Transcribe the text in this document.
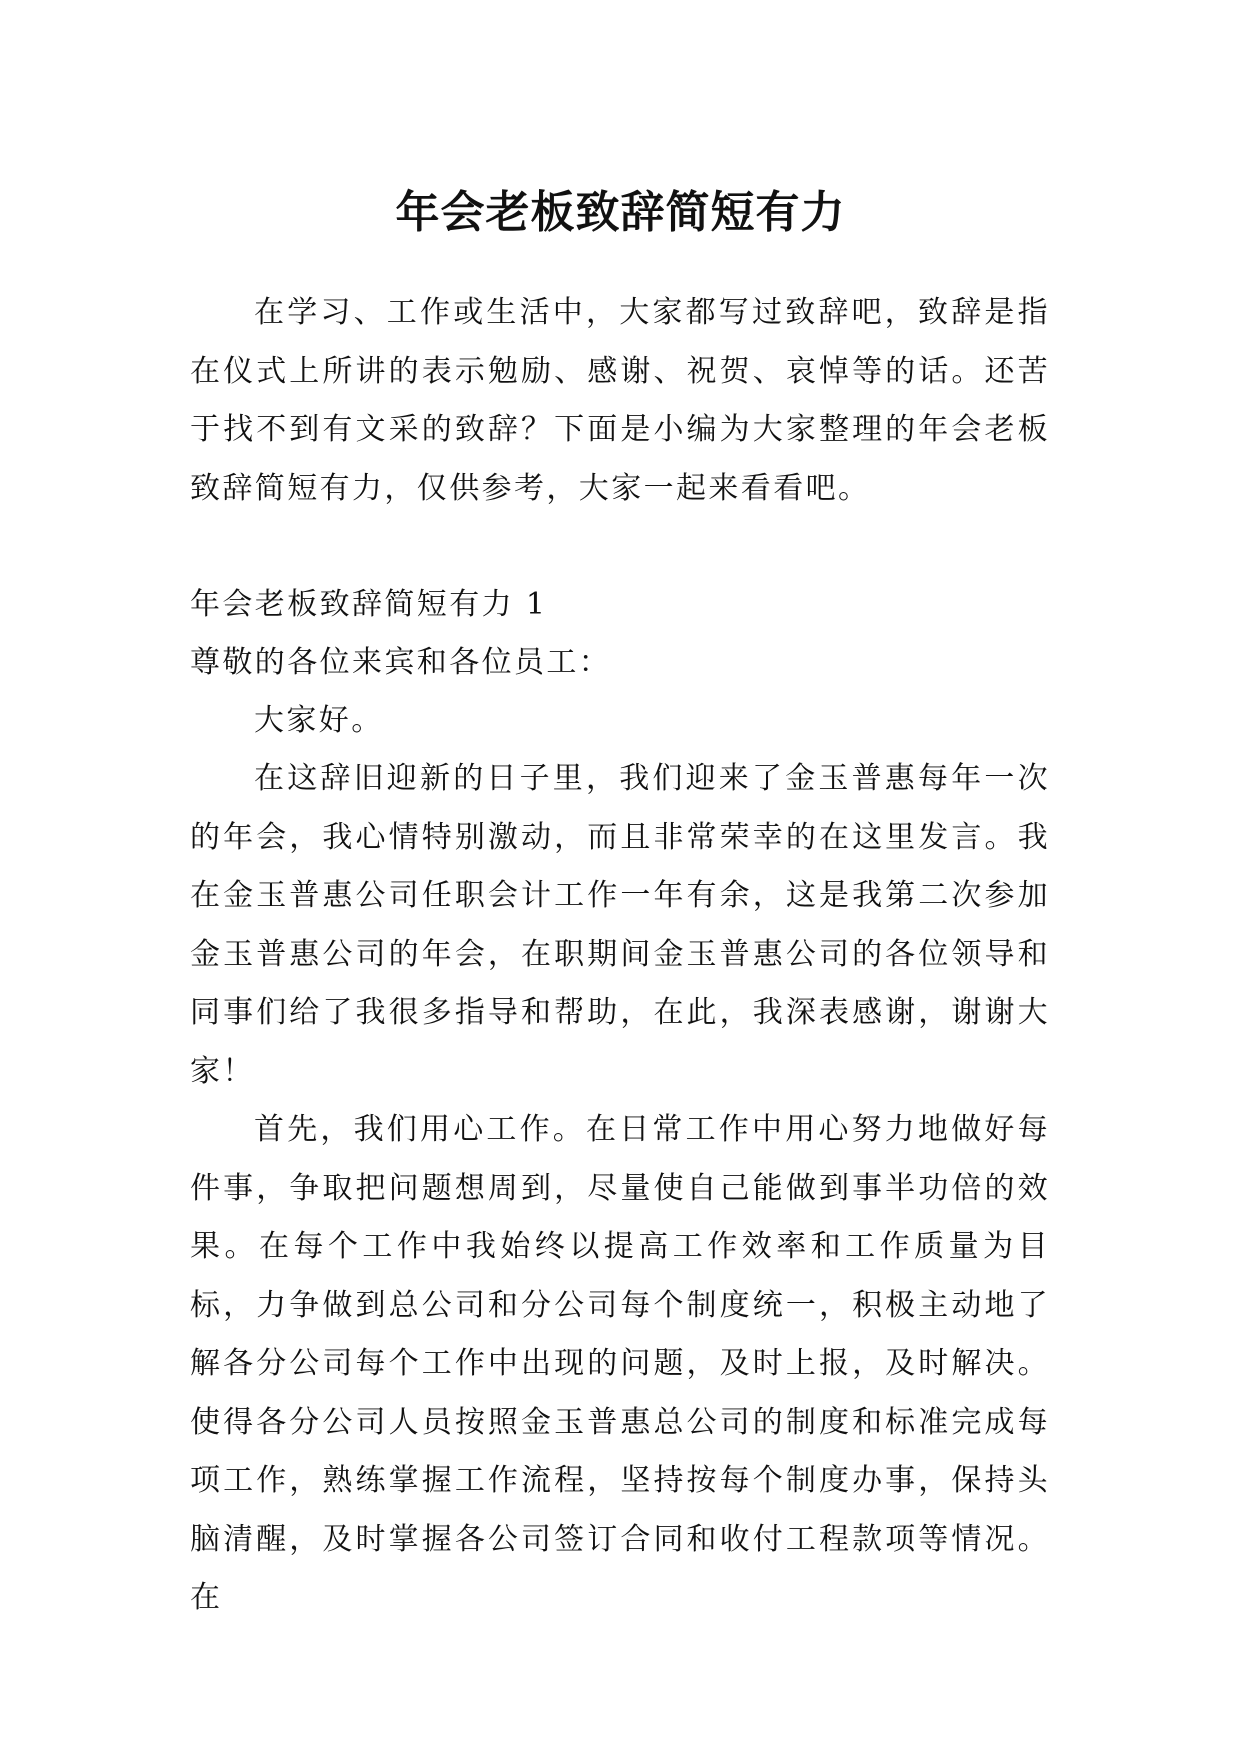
年会老板致辞简短有力

在学习、工作或生活中，大家都写过致辞吧，致辞是指在仪式上所讲的表示勉励、感谢、祝贺、哀悼等的话。还苦于找不到有文采的致辞？下面是小编为大家整理的年会老板致辞简短有力，仅供参考，大家一起来看看吧。

年会老板致辞简短有力 1

尊敬的各位来宾和各位员工：

大家好。

在这辞旧迎新的日子里，我们迎来了金玉普惠每年一次的年会，我心情特别激动，而且非常荣幸的在这里发言。我在金玉普惠公司任职会计工作一年有余，这是我第二次参加金玉普惠公司的年会，在职期间金玉普惠公司的各位领导和同事们给了我很多指导和帮助，在此，我深表感谢，谢谢大家！

首先，我们用心工作。在日常工作中用心努力地做好每件事，争取把问题想周到，尽量使自己能做到事半功倍的效果。在每个工作中我始终以提高工作效率和工作质量为目标，力争做到总公司和分公司每个制度统一，积极主动地了解各分公司每个工作中出现的问题，及时上报，及时解决。使得各分公司人员按照金玉普惠总公司的制度和标准完成每项工作，熟练掌握工作流程，坚持按每个制度办事，保持头脑清醒，及时掌握各公司签订合同和收付工程款项等情况。在
